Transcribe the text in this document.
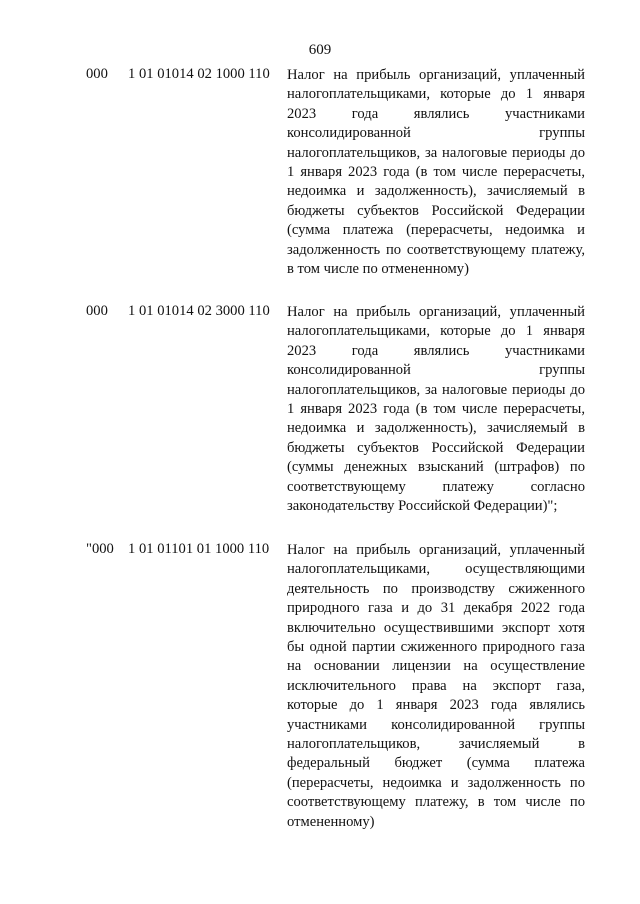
609
000 1 01 01014 02 1000 110 Налог на прибыль организаций, уплаченный налогоплательщиками, которые до 1 января 2023 года являлись участниками консолидированной группы налогоплательщиков, за налоговые периоды до 1 января 2023 года (в том числе перерасчеты, недоимка и задолженность), зачисляемый в бюджеты субъектов Российской Федерации (сумма платежа (перерасчеты, недоимка и задолженность по соответствующему платежу, в том числе по отмененному)
000 1 01 01014 02 3000 110 Налог на прибыль организаций, уплаченный налогоплательщиками, которые до 1 января 2023 года являлись участниками консолидированной группы налогоплательщиков, за налоговые периоды до 1 января 2023 года (в том числе перерасчеты, недоимка и задолженность), зачисляемый в бюджеты субъектов Российской Федерации (суммы денежных взысканий (штрафов) по соответствующему платежу согласно законодательству Российской Федерации)";
"000 1 01 01101 01 1000 110 Налог на прибыль организаций, уплаченный налогоплательщиками, осуществляющими деятельность по производству сжиженного природного газа и до 31 декабря 2022 года включительно осуществившими экспорт хотя бы одной партии сжиженного природного газа на основании лицензии на осуществление исключительного права на экспорт газа, которые до 1 января 2023 года являлись участниками консолидированной группы налогоплательщиков, зачисляемый в федеральный бюджет (сумма платежа (перерасчеты, недоимка и задолженность по соответствующему платежу, в том числе по отмененному)
